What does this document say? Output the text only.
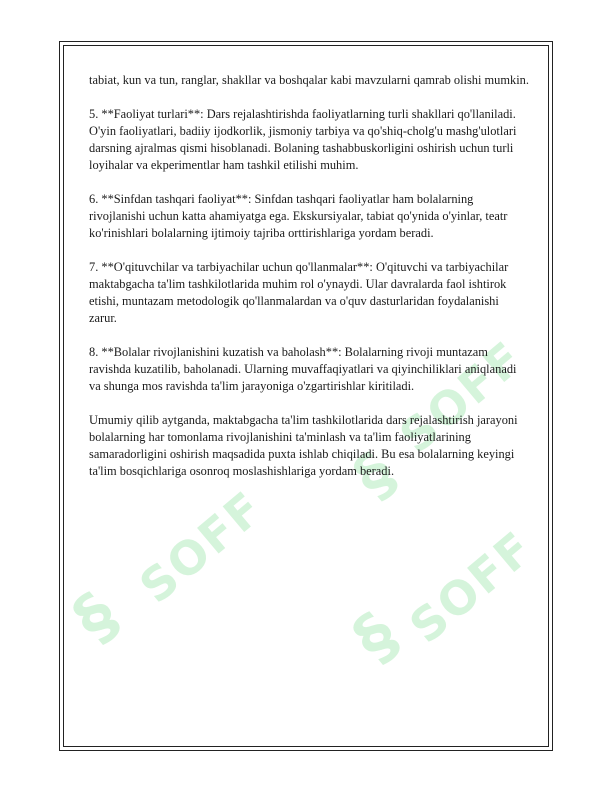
§
SOFF
§
SOFF
SOFF
§

tabiat, kun va tun, ranglar, shakllar va boshqalar kabi mavzularni qamrab olishi mumkin.

5. **Faoliyat turlari**: Dars rejalashtirishda faoliyatlarning turli shakllari qo'llaniladi. O'yin faoliyatlari, badiiy ijodkorlik, jismoniy tarbiya va qo'shiq-cholg'u mashg'ulotlari darsning ajralmas qismi hisoblanadi. Bolaning tashabbuskorligini oshirish uchun turli loyihalar va ekperimentlar ham tashkil etilishi muhim.

6. **Sinfdan tashqari faoliyat**: Sinfdan tashqari faoliyatlar ham bolalarning rivojlanishi uchun katta ahamiyatga ega. Ekskursiyalar, tabiat qo'ynida o'yinlar, teatr ko'rinishlari bolalarning ijtimoiy tajriba orttirishlariga yordam beradi.

7. **O'qituvchilar va tarbiyachilar uchun qo'llanmalar**: O'qituvchi va tarbiyachilar maktabgacha ta'lim tashkilotlarida muhim rol o'ynaydi. Ular davralarda faol ishtirok etishi, muntazam metodologik qo'llanmalardan va o'quv dasturlaridan foydalanishi zarur.

8. **Bolalar rivojlanishini kuzatish va baholash**: Bolalarning rivoji muntazam ravishda kuzatilib, baholanadi. Ularning muvaffaqiyatlari va qiyinchiliklari aniqlanadi va shunga mos ravishda ta'lim jarayoniga o'zgartirishlar kiritiladi.

Umumiy qilib aytganda, maktabgacha ta'lim tashkilotlarida dars rejalashtirish jarayoni bolalarning har tomonlama rivojlanishini ta'minlash va ta'lim faoliyatlarining samaradorligini oshirish maqsadida puxta ishlab chiqiladi. Bu esa bolalarning keyingi ta'lim bosqichlariga osonroq moslashishlariga yordam beradi.
